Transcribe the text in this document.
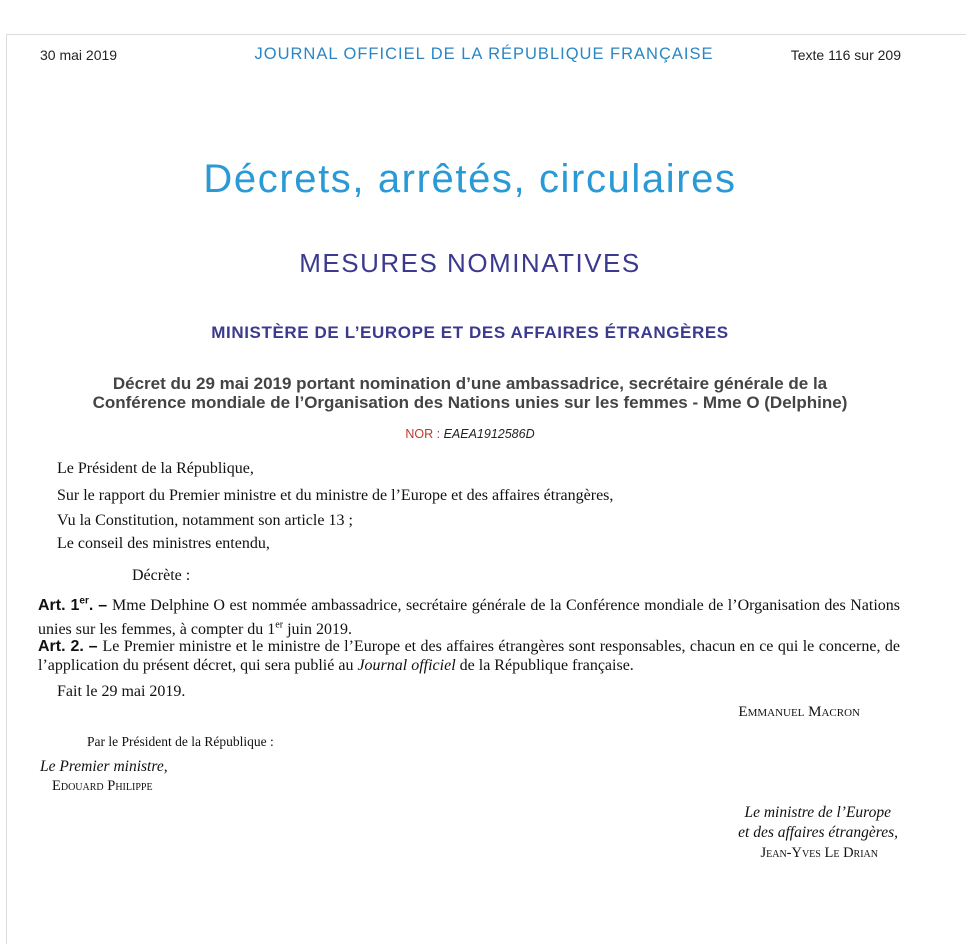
30 mai 2019	JOURNAL OFFICIEL DE LA RÉPUBLIQUE FRANÇAISE	Texte 116 sur 209
Décrets, arrêtés, circulaires
MESURES NOMINATIVES
MINISTÈRE DE L’EUROPE ET DES AFFAIRES ÉTRANGÈRES
Décret du 29 mai 2019 portant nomination d’une ambassadrice, secrétaire générale de la
Conférence mondiale de l’Organisation des Nations unies sur les femmes - Mme O (Delphine)
NOR : EAEA1912586D
Le Président de la République,
Sur le rapport du Premier ministre et du ministre de l’Europe et des affaires étrangères,
Vu la Constitution, notamment son article 13 ;
Le conseil des ministres entendu,
Décrète :
Art. 1er. – Mme Delphine O est nommée ambassadrice, secrétaire générale de la Conférence mondiale de l’Organisation des Nations unies sur les femmes, à compter du 1er juin 2019.
Art. 2. – Le Premier ministre et le ministre de l’Europe et des affaires étrangères sont responsables, chacun en ce qui le concerne, de l’application du présent décret, qui sera publié au Journal officiel de la République française.
Fait le 29 mai 2019.
Emmanuel Macron
Par le Président de la République :
Le Premier ministre,
Edouard Philippe
Le ministre de l’Europe
et des affaires étrangères,
Jean-Yves Le Drian
